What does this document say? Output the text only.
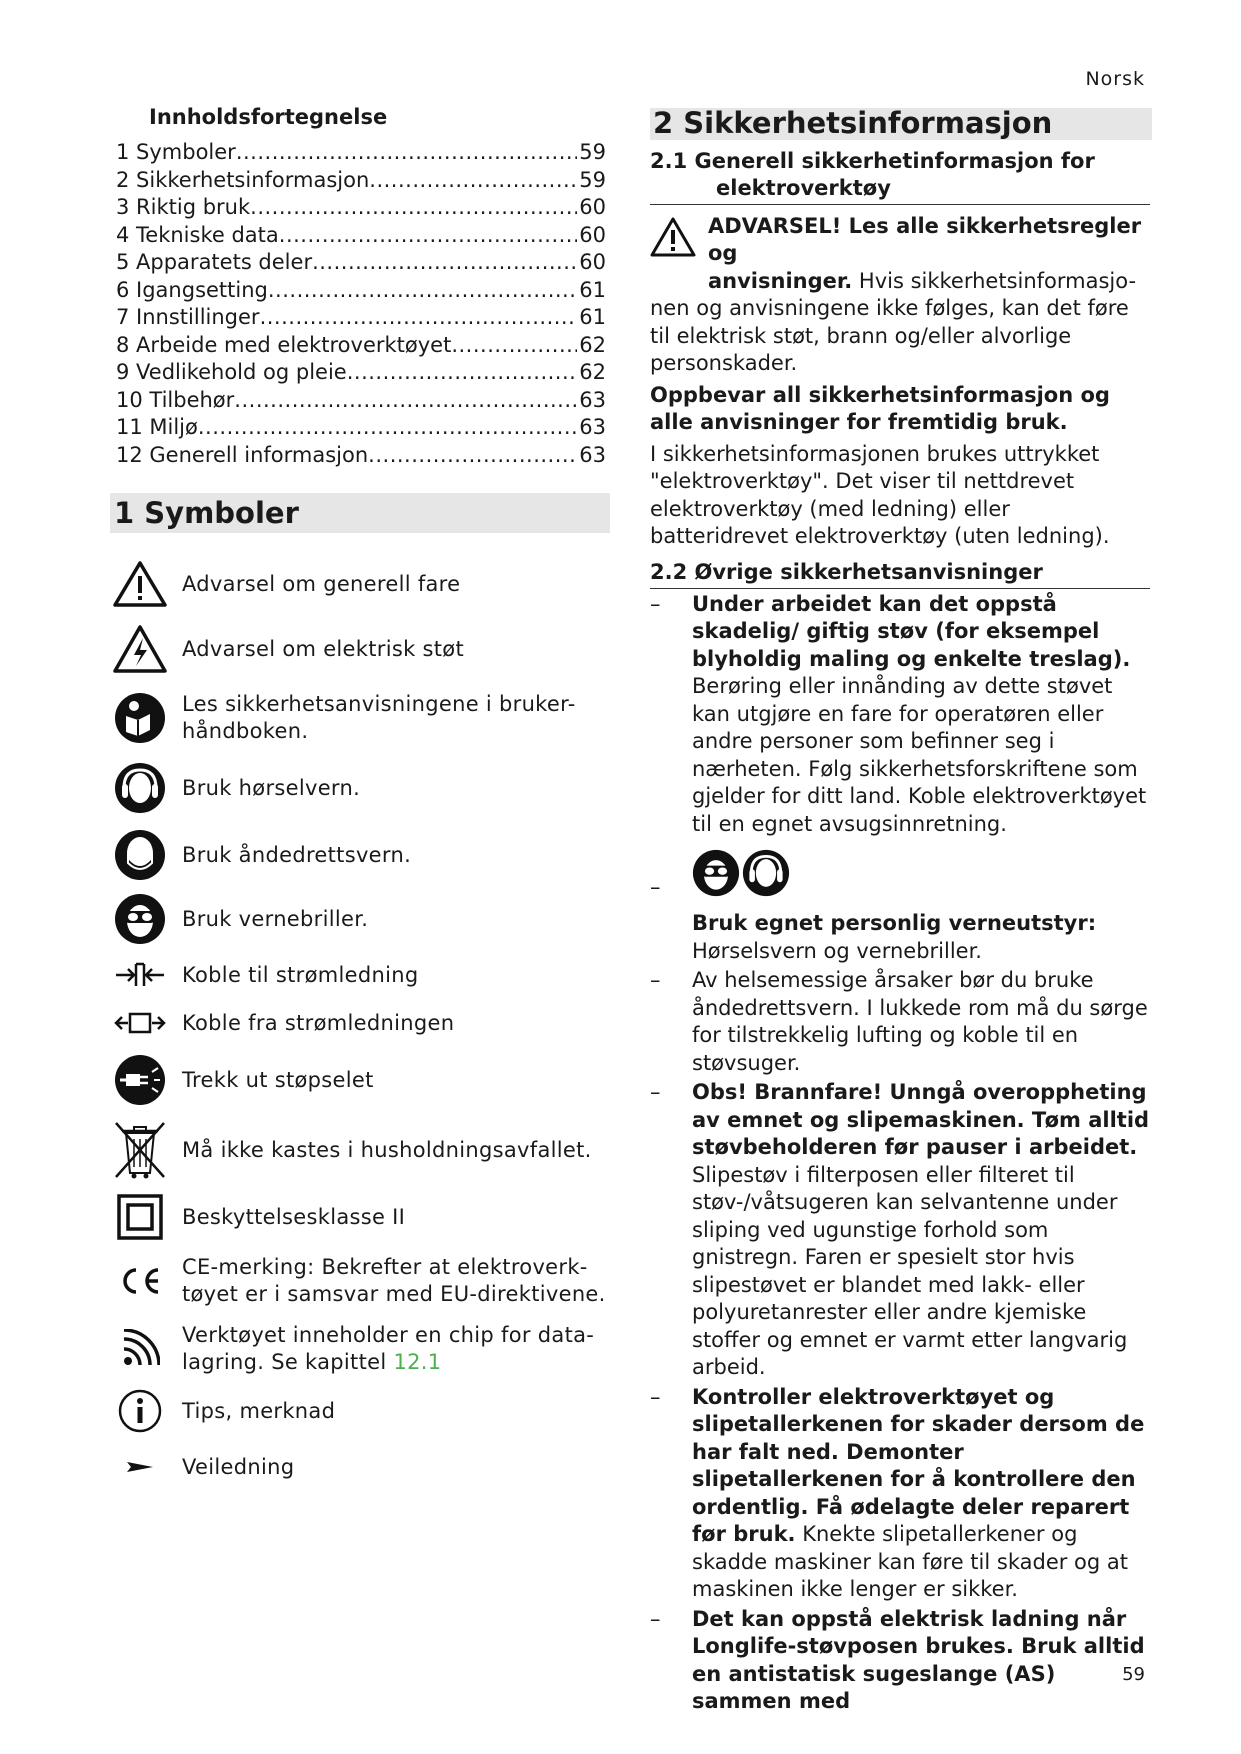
Norsk
Innholdsfortegnelse
1 Symboler .....	59
2 Sikkerhetsinformasjon .....	59
3 Riktig bruk .....	60
4 Tekniske data .....	60
5 Apparatets deler .....	60
6 Igangsetting .....	61
7 Innstillinger .....	61
8 Arbeide med elektroverktøyet .....	62
9 Vedlikehold og pleie .....	62
10 Tilbehør .....	63
11 Miljø .....	63
12 Generell informasjon .....	63
1 Symboler
Advarsel om generell fare
Advarsel om elektrisk støt
Les sikkerhetsanvisningene i bruker-
håndboken.
Bruk hørselvern.
Bruk åndedrettsvern.
Bruk vernebriller.
Koble til strømledning
Koble fra strømledningen
Trekk ut støpselet
Må ikke kastes i husholdningsavfallet.
Beskyttelsesklasse II
CE-merking: Bekrefter at elektroverk-
tøyet er i samsvar med EU-direktivene.
Verktøyet inneholder en chip for data-
lagring. Se kapittel 12.1
Tips, merknad
Veiledning
2 Sikkerhetsinformasjon
2.1 Generell sikkerhetinformasjon for
elektroverktøy
ADVARSEL! Les alle sikkerhetsregler og
anvisninger. Hvis sikkerhetsinformasjo-
nen og anvisningene ikke følges, kan det føre til elektrisk støt, brann og/eller alvorlige personskader.

Oppbevar all sikkerhetsinformasjon og alle anvisninger for fremtidig bruk.

I sikkerhetsinformasjonen brukes uttrykket "elektroverktøy". Det viser til nettdrevet elektroverktøy (med ledning) eller batteridrevet elektroverktøy (uten ledning).

2.2 Øvrige sikkerhetsanvisninger
– Under arbeidet kan det oppstå skadelig/ giftig støv (for eksempel blyholdig maling og enkelte treslag). Berøring eller innånding av dette støvet kan utgjøre en fare for operatøren eller andre personer som befinner seg i nærheten. Følg sikkerhetsforskriftene som gjelder for ditt land. Koble elektroverktøyet til en egnet avsugsinnretning.
–
Bruk egnet personlig verneutstyr: Hørselsvern og vernebriller.
– Av helsemessige årsaker bør du bruke åndedrettsvern. I lukkede rom må du sørge for tilstrekkelig lufting og koble til en støvsuger.
– Obs! Brannfare! Unngå overoppheting av emnet og slipemaskinen. Tøm alltid støvbeholderen før pauser i arbeidet. Slipestøv i filterposen eller filteret til støv-/våtsugeren kan selvantenne under sliping ved ugunstige forhold som gnistregn. Faren er spesielt stor hvis slipestøvet er blandet med lakk- eller polyuretanrester eller andre kjemiske stoffer og emnet er varmt etter langvarig arbeid.
– Kontroller elektroverktøyet og slipetallerkenen for skader dersom de har falt ned. Demonter slipetallerkenen for å kontrollere den ordentlig. Få ødelagte deler reparert før bruk. Knekte slipetallerkener og skadde maskiner kan føre til skader og at maskinen ikke lenger er sikker.
– Det kan oppstå elektrisk ladning når Longlife-støvposen brukes. Bruk alltid en antistatisk sugeslange (AS) sammen med
59
